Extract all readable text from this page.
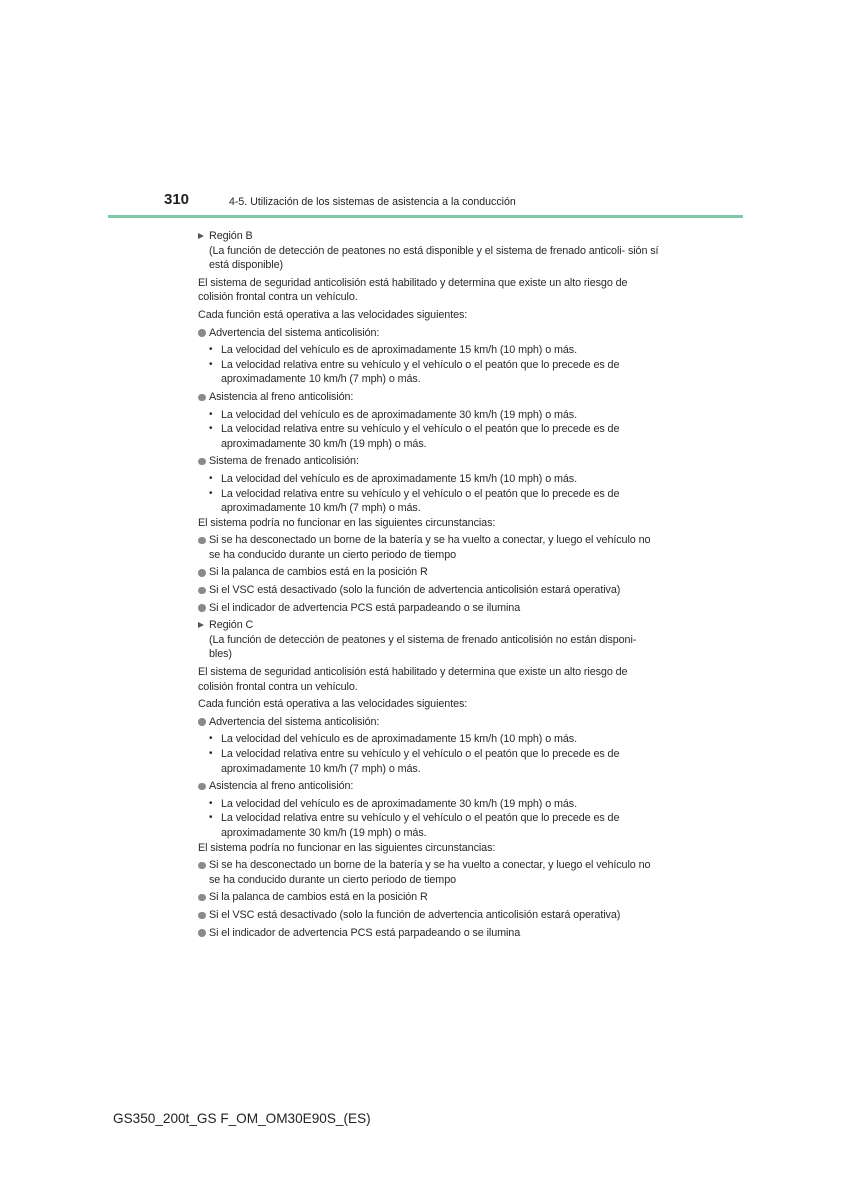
310	4-5. Utilización de los sistemas de asistencia a la conducción
Región B
(La función de detección de peatones no está disponible y el sistema de frenado anticoli- sión sí está disponible)
El sistema de seguridad anticolisión está habilitado y determina que existe un alto riesgo de colisión frontal contra un vehículo.
Cada función está operativa a las velocidades siguientes:
Advertencia del sistema anticolisión:
• La velocidad del vehículo es de aproximadamente 15 km/h (10 mph) o más.
• La velocidad relativa entre su vehículo y el vehículo o el peatón que lo precede es de aproximadamente 10 km/h (7 mph) o más.
Asistencia al freno anticolisión:
• La velocidad del vehículo es de aproximadamente 30 km/h (19 mph) o más.
• La velocidad relativa entre su vehículo y el vehículo o el peatón que lo precede es de aproximadamente 30 km/h (19 mph) o más.
Sistema de frenado anticolisión:
• La velocidad del vehículo es de aproximadamente 15 km/h (10 mph) o más.
• La velocidad relativa entre su vehículo y el vehículo o el peatón que lo precede es de aproximadamente 10 km/h (7 mph) o más.
El sistema podría no funcionar en las siguientes circunstancias:
Si se ha desconectado un borne de la batería y se ha vuelto a conectar, y luego el vehículo no se ha conducido durante un cierto periodo de tiempo
Si la palanca de cambios está en la posición R
Si el VSC está desactivado (solo la función de advertencia anticolisión estará operativa)
Si el indicador de advertencia PCS está parpadeando o se ilumina
Región C
(La función de detección de peatones y el sistema de frenado anticolisión no están disponi- bles)
El sistema de seguridad anticolisión está habilitado y determina que existe un alto riesgo de colisión frontal contra un vehículo.
Cada función está operativa a las velocidades siguientes:
Advertencia del sistema anticolisión:
• La velocidad del vehículo es de aproximadamente 15 km/h (10 mph) o más.
• La velocidad relativa entre su vehículo y el vehículo o el peatón que lo precede es de aproximadamente 10 km/h (7 mph) o más.
Asistencia al freno anticolisión:
• La velocidad del vehículo es de aproximadamente 30 km/h (19 mph) o más.
• La velocidad relativa entre su vehículo y el vehículo o el peatón que lo precede es de aproximadamente 30 km/h (19 mph) o más.
El sistema podría no funcionar en las siguientes circunstancias:
Si se ha desconectado un borne de la batería y se ha vuelto a conectar, y luego el vehículo no se ha conducido durante un cierto periodo de tiempo
Si la palanca de cambios está en la posición R
Si el VSC está desactivado (solo la función de advertencia anticolisión estará operativa)
Si el indicador de advertencia PCS está parpadeando o se ilumina
GS350_200t_GS F_OM_OM30E90S_(ES)
